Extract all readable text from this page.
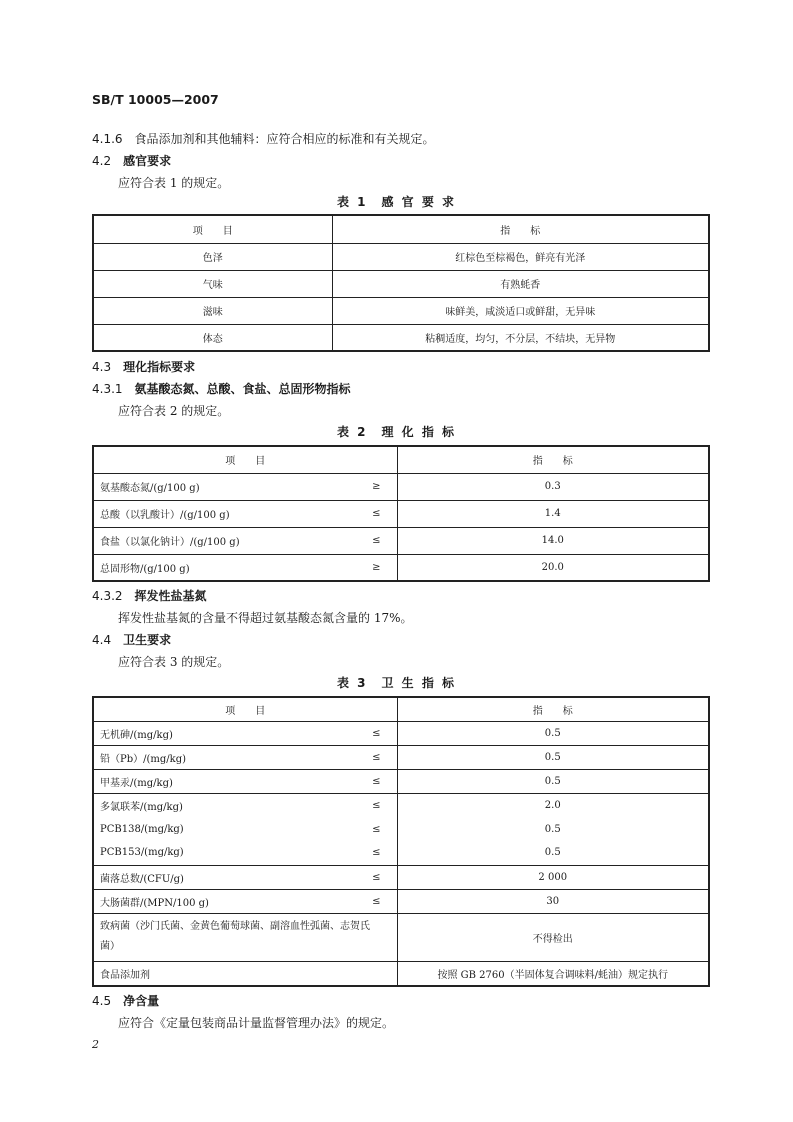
SB/T 10005—2007
4.1.6 食品添加剂和其他辅料：应符合相应的标准和有关规定。
4.2 感官要求
应符合表 1 的规定。
表 1　感 官 要 求
项　　目	指　　标
色泽	红棕色至棕褐色，鲜亮有光泽
气味	有熟蚝香
滋味	味鲜美，咸淡适口或鲜甜，无异味
体态	粘稠适度，均匀，不分层，不结块，无异物
4.3 理化指标要求
4.3.1 氨基酸态氮、总酸、食盐、总固形物指标
应符合表 2 的规定。
表 2　理 化 指 标
项　　目	指　　标

氨基酸态氮/(g/100 g) ≥	0.3

总酸（以乳酸计）/(g/100 g) ≤	1.4

食盐（以氯化钠计）/(g/100 g) ≤	14.0

总固形物/(g/100 g) ≥	20.0
4.3.2 挥发性盐基氮
挥发性盐基氮的含量不得超过氨基酸态氮含量的 17%。
4.4 卫生要求
应符合表 3 的规定。
表 3　卫 生 指 标
项　　目	指　　标

无机砷/(mg/kg) ≤	0.5

铅（Pb）/(mg/kg) ≤	0.5

甲基汞/(mg/kg) ≤	0.5

多氯联苯/(mg/kg) ≤	2.0

PCB138/(mg/kg) ≤	0.5

PCB153/(mg/kg) ≤	0.5

菌落总数/(CFU/g) ≤	2 000

大肠菌群/(MPN/100 g) ≤	30
致病菌（沙门氏菌、金黄色葡萄球菌、副溶血性弧菌、志贺氏菌）	不得检出
食品添加剂	按照 GB 2760（半固体复合调味料/蚝油）规定执行
4.5 净含量
应符合《定量包装商品计量监督管理办法》的规定。
2
